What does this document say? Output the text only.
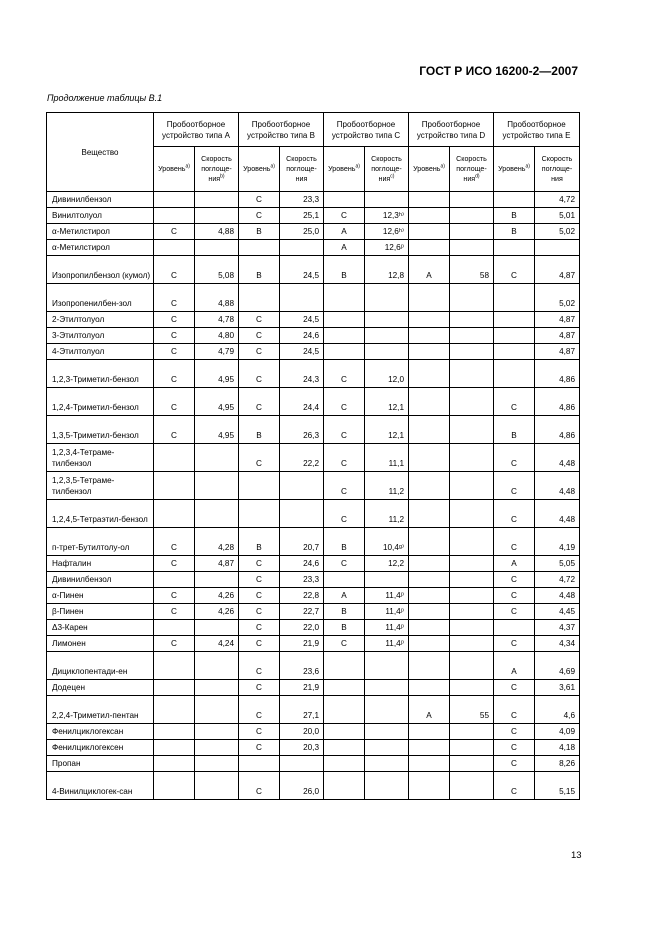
ГОСТ Р ИСО 16200-2—2007
Продолжение таблицы В.1
Вещество	Пробоотборное устройство типа А		Пробоотборное устройство типа В		Пробоотборное устройство типа С		Пробоотборное устройство типа D		Пробоотборное устройство типа E	
	Уровень$^{а)}$	Скорость поглоще-ния$^{b)}$	Уровень$^{а)}$	Скорость поглоще-ния	Уровень$^{а)}$	Скорость поглоще-ния$^{с)}$	Уровень$^{а)}$	Скорость поглоще-ния$^{d)}$	Уровень$^{а)}$	Скорость поглоще-ния
Дивинилбензол			C	23,3						4,72
Винилтолуол			C	25,1	C	12,3ʰ⁾			B	5,01
α-Метилстирол	C	4,88	B	25,0	A	12,6ʰ⁾			B	5,02
α-Метилстирол					A	12,6ʲ⁾				
Изопропилбензол (кумол)	C	5,08	B	24,5	B	12,8	A	58	C	4,87
Изопропенилбен-зол	C	4,88								5,02
2-Этилтолуол	C	4,78	C	24,5						4,87
3-Этилтолуол	C	4,80	C	24,6						4,87
4-Этилтолуол	C	4,79	C	24,5						4,87
1,2,3-Триметил-бензол	C	4,95	C	24,3	C	12,0				4,86
1,2,4-Триметил-бензол	C	4,95	C	24,4	C	12,1			C	4,86
1,3,5-Триметил-бензол	C	4,95	B	26,3	C	12,1			B	4,86
1,2,3,4-Тетраме-тилбензол			C	22,2	C	11,1			C	4,48
1,2,3,5-Тетраме-тилбензол					C	11,2			C	4,48
1,2,4,5-Тетраэтил-бензол					C	11,2			C	4,48
п-трет-Бутилтолу-ол	C	4,28	B	20,7	B	10,4ᵍ⁾			C	4,19
Нафталин	C	4,87	C	24,6	C	12,2			A	5,05
Дивинилбензол			C	23,3					C	4,72
α-Пинен	C	4,26	C	22,8	A	11,4ʲ⁾			C	4,48
β-Пинен	C	4,26	C	22,7	B	11,4ʲ⁾			C	4,45
Δ3-Карен			C	22,0	B	11,4ʲ⁾				4,37
Лимонен	C	4,24	C	21,9	C	11,4ʲ⁾			C	4,34
Дициклопентади-ен			C	23,6					A	4,69
Додецен			C	21,9					C	3,61
2,2,4-Триметил-пентан			C	27,1			A	55	C	4,6
Фенилциклогексан			C	20,0					C	4,09
Фенилциклогексен			C	20,3					C	4,18
Пропан									C	8,26
4-Винилциклогек-сан			C	26,0					C	5,15
13
